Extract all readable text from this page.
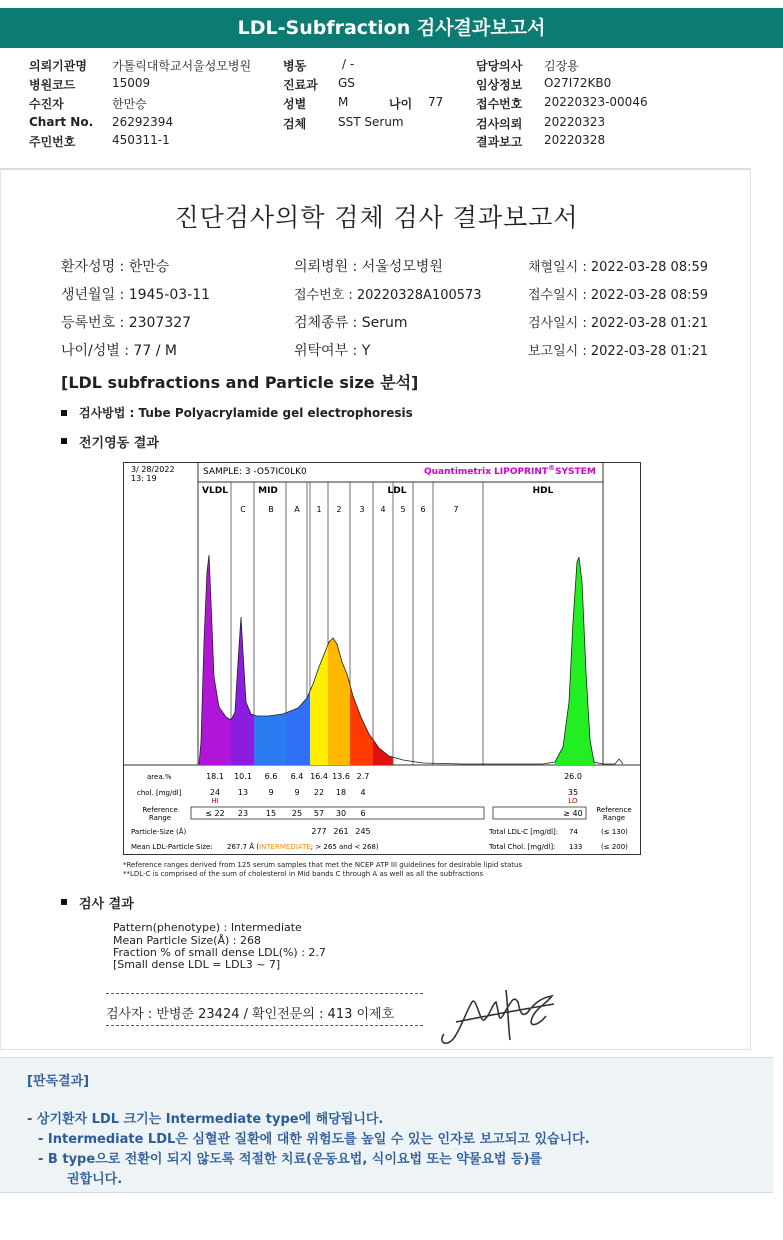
LDL-Subfraction 검사결과보고서
의뢰기관명 가톨릭대학교서울성모병원	병동	/ -	담당의사 김장용
병원코드	15009	진료과 GS	임상정보 O27I72KB0
수진자	한만승	성별	M	나이 77	접수번호 20220323-00046
Chart No. 26292394	검체	SST Serum	검사의뢰 20220323
주민번호	450311-1	결과보고 20220328
진단검사의학 검체 검사 결과보고서
환자성명 : 한만승	의뢰병원 : 서울성모병원	채혈일시 : 2022-03-28 08:59
생년월일 : 1945-03-11	접수번호 : 20220328A100573	접수일시 : 2022-03-28 08:59
등록번호 : 2307327	검체종류 : Serum	검사일시 : 2022-03-28 01:21
나이/성별 : 77 / M	위탁여부 : Y	보고일시 : 2022-03-28 01:21
[LDL subfractions and Particle size 분석]
검사방법 : Tube Polyacrylamide gel electrophoresis
전기영동 결과
3/ 28/2022
13: 19
SAMPLE: 3 -O57IC0LK0	Quantimetrix LIPOPRINT®SYSTEM
VLDL	MID	LDL	HDL
C	B	A 1 2 3 4 5 6	7
area.%	18.1 10.1 6.6 6.4 16.4 13.6 2.7	26.0
chol. [mg/dl]	24 13	9	9 22 18 4	35
HI	LO
Reference
Range	≤ 22 23 15 25 57 30 6	≥ 40 Reference
Range
Particle-Size (Å)	277 261 245	Total LDL-C [mg/dl]: 74	(≤ 130)
Mean LDL-Particle Size: 267.7 Å (INTERMEDIATE; > 265 and < 268)	Total Chol. [mg/dl]: 133	(≤ 200)
*Reference ranges derived from 125 serum samples that met the NCEP ATP III guidelines for desirable lipid status
**LDL-C is comprised of the sum of cholesterol in Mid bands C through A as well as all the subfractions
검사 결과
Pattern(phenotype) : Intermediate
Mean Particle Size(Å) : 268
Fraction % of small dense LDL(%) : 2.7
[Small dense LDL = LDL3 ~ 7]
검사자 : 반병준 23424 / 확인전문의 : 413 이제호
[판독결과]
- 상기환자 LDL 크기는 Intermediate type에 해당됩니다.
- Intermediate LDL은 심혈관 질환에 대한 위험도를 높일 수 있는 인자로 보고되고 있습니다.
- B type으로 전환이 되지 않도록 적절한 치료(운동요법, 식이요법 또는 약물요법 등)를
권합니다.
